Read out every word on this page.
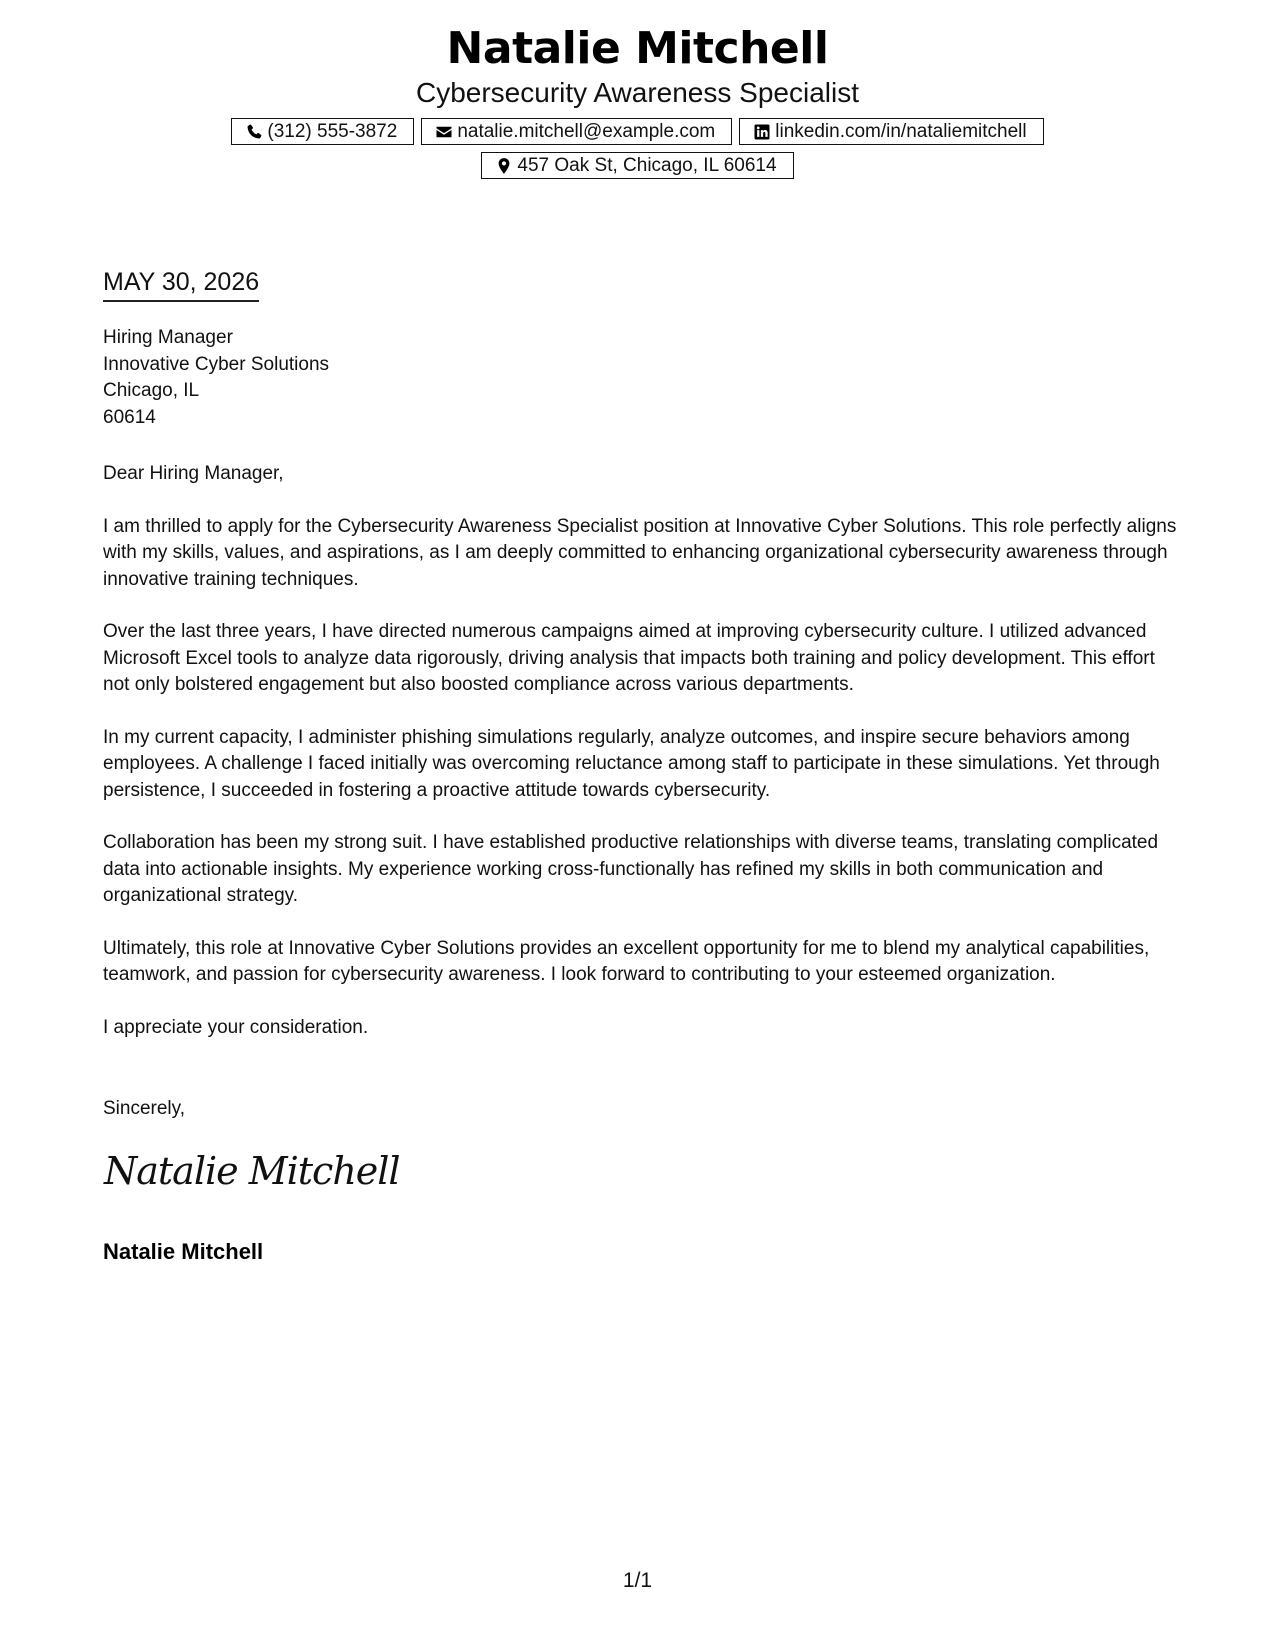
Natalie Mitchell
Cybersecurity Awareness Specialist
(312) 555-3872	natalie.mitchell@example.com	linkedin.com/in/nataliemitchell
457 Oak St, Chicago, IL 60614
MAY 30, 2026
Hiring Manager
Innovative Cyber Solutions
Chicago, IL
60614

Dear Hiring Manager,

I am thrilled to apply for the Cybersecurity Awareness Specialist position at Innovative Cyber Solutions. This role perfectly aligns with my skills, values, and aspirations, as I am deeply committed to enhancing organizational cybersecurity awareness through innovative training techniques.

Over the last three years, I have directed numerous campaigns aimed at improving cybersecurity culture. I utilized advanced Microsoft Excel tools to analyze data rigorously, driving analysis that impacts both training and policy development. This effort not only bolstered engagement but also boosted compliance across various departments.

In my current capacity, I administer phishing simulations regularly, analyze outcomes, and inspire secure behaviors among employees. A challenge I faced initially was overcoming reluctance among staff to participate in these simulations. Yet through persistence, I succeeded in fostering a proactive attitude towards cybersecurity.

Collaboration has been my strong suit. I have established productive relationships with diverse teams, translating complicated data into actionable insights. My experience working cross-functionally has refined my skills in both communication and organizational strategy.

Ultimately, this role at Innovative Cyber Solutions provides an excellent opportunity for me to blend my analytical capabilities, teamwork, and passion for cybersecurity awareness. I look forward to contributing to your esteemed organization.

I appreciate your consideration.

Sincerely,
Natalie Mitchell
Natalie Mitchell
1/1
